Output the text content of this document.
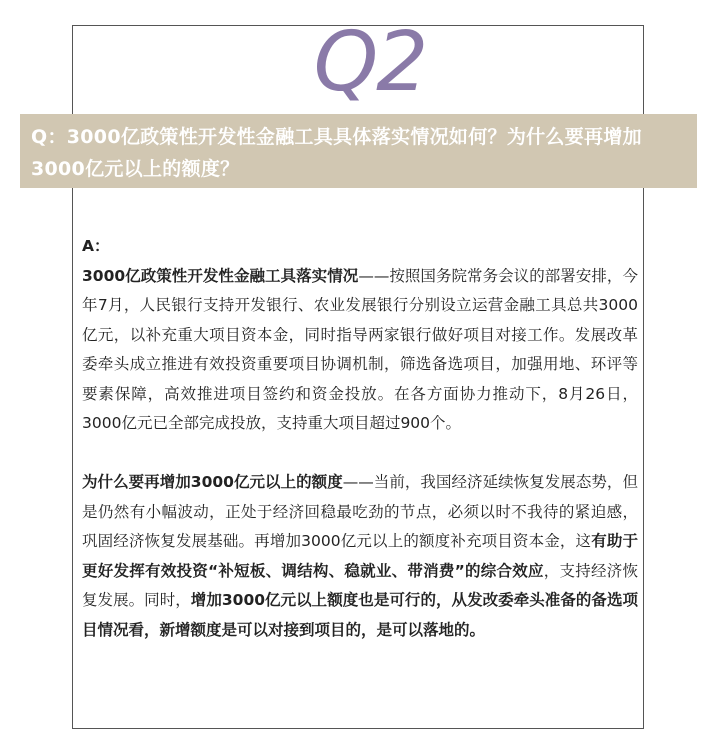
Q2
Q：3000亿政策性开发性金融工具具体落实情况如何？为什么要再增加3000亿元以上的额度？

A：

3000亿政策性开发性金融工具落实情况——按照国务院常务会议的部署安排，今年7月，人民银行支持开发银行、农业发展银行分别设立运营金融工具总共3000亿元，以补充重大项目资本金，同时指导两家银行做好项目对接工作。发展改革委牵头成立推进有效投资重要项目协调机制，筛选备选项目，加强用地、环评等要素保障，高效推进项目签约和资金投放。在各方面协力推动下，8月26日，3000亿元已全部完成投放，支持重大项目超过900个。

为什么要再增加3000亿元以上的额度——当前，我国经济延续恢复发展态势，但是仍然有小幅波动，正处于经济回稳最吃劲的节点，必须以时不我待的紧迫感，巩固经济恢复发展基础。再增加3000亿元以上的额度补充项目资本金，这有助于更好发挥有效投资“补短板、调结构、稳就业、带消费”的综合效应，支持经济恢复发展。同时，增加3000亿元以上额度也是可行的，从发改委牵头准备的备选项目情况看，新增额度是可以对接到项目的，是可以落地的。
